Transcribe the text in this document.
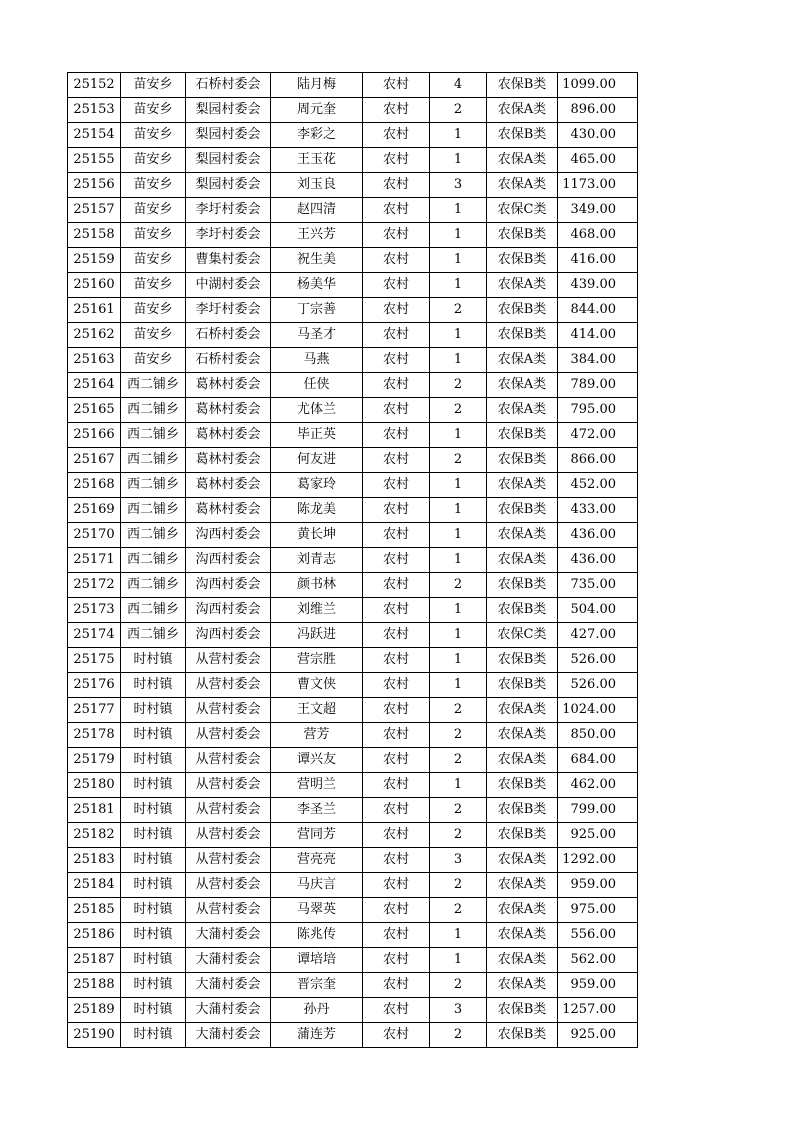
25152	苗安乡	石桥村委会	陆月梅	农村	4	农保B类	1099.00
25153	苗安乡	梨园村委会	周元奎	农村	2	农保A类	896.00
25154	苗安乡	梨园村委会	李彩之	农村	1	农保B类	430.00
25155	苗安乡	梨园村委会	王玉花	农村	1	农保A类	465.00
25156	苗安乡	梨园村委会	刘玉良	农村	3	农保A类	1173.00
25157	苗安乡	李圩村委会	赵四清	农村	1	农保C类	349.00
25158	苗安乡	李圩村委会	王兴芳	农村	1	农保B类	468.00
25159	苗安乡	曹集村委会	祝生美	农村	1	农保B类	416.00
25160	苗安乡	中湖村委会	杨美华	农村	1	农保A类	439.00
25161	苗安乡	李圩村委会	丁宗善	农村	2	农保B类	844.00
25162	苗安乡	石桥村委会	马圣才	农村	1	农保B类	414.00
25163	苗安乡	石桥村委会	马燕	农村	1	农保A类	384.00
25164	西二铺乡	葛林村委会	任侠	农村	2	农保A类	789.00
25165	西二铺乡	葛林村委会	尤体兰	农村	2	农保A类	795.00
25166	西二铺乡	葛林村委会	毕正英	农村	1	农保B类	472.00
25167	西二铺乡	葛林村委会	何友进	农村	2	农保B类	866.00
25168	西二铺乡	葛林村委会	葛家玲	农村	1	农保A类	452.00
25169	西二铺乡	葛林村委会	陈龙美	农村	1	农保B类	433.00
25170	西二铺乡	沟西村委会	黄长坤	农村	1	农保A类	436.00
25171	西二铺乡	沟西村委会	刘青志	农村	1	农保A类	436.00
25172	西二铺乡	沟西村委会	颜书林	农村	2	农保B类	735.00
25173	西二铺乡	沟西村委会	刘维兰	农村	1	农保B类	504.00
25174	西二铺乡	沟西村委会	冯跃进	农村	1	农保C类	427.00
25175	时村镇	从营村委会	营宗胜	农村	1	农保B类	526.00
25176	时村镇	从营村委会	曹文侠	农村	1	农保B类	526.00
25177	时村镇	从营村委会	王文超	农村	2	农保A类	1024.00
25178	时村镇	从营村委会	营芳	农村	2	农保A类	850.00
25179	时村镇	从营村委会	谭兴友	农村	2	农保A类	684.00
25180	时村镇	从营村委会	营明兰	农村	1	农保B类	462.00
25181	时村镇	从营村委会	李圣兰	农村	2	农保B类	799.00
25182	时村镇	从营村委会	营同芳	农村	2	农保B类	925.00
25183	时村镇	从营村委会	营亮亮	农村	3	农保A类	1292.00
25184	时村镇	从营村委会	马庆言	农村	2	农保A类	959.00
25185	时村镇	从营村委会	马翠英	农村	2	农保A类	975.00
25186	时村镇	大蒲村委会	陈兆传	农村	1	农保A类	556.00
25187	时村镇	大蒲村委会	谭培培	农村	1	农保A类	562.00
25188	时村镇	大蒲村委会	晋宗奎	农村	2	农保A类	959.00
25189	时村镇	大蒲村委会	孙丹	农村	3	农保B类	1257.00
25190	时村镇	大蒲村委会	蒲连芳	农村	2	农保B类	925.00
